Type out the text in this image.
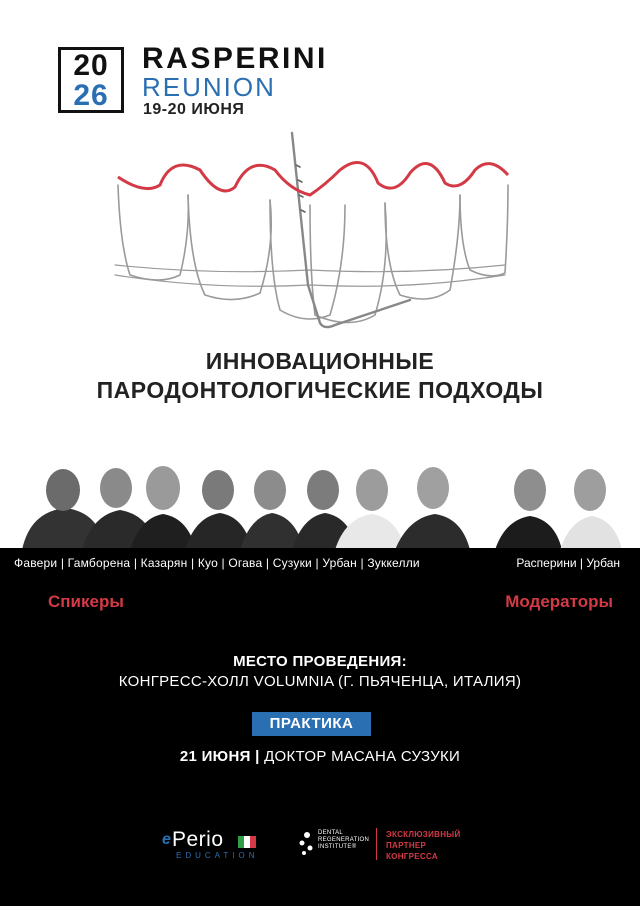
20
26
RASPERINI
REUNION
19-20 ИЮНЯ
ИННОВАЦИОННЫЕ
ПАРОДОНТОЛОГИЧЕСКИЕ ПОДХОДЫ
Фавери | Гамборена | Казарян | Куо | Огава | Сузуки | Урбан | Зуккелли	Расперини | Урбан
Спикеры	Модераторы
МЕСТО ПРОВЕДЕНИЯ:
КОНГРЕСС-ХОЛЛ VOLUMNIA (Г. ПЬЯЧЕНЦА, ИТАЛИЯ)
ПРАКТИКА
21 ИЮНЯ | ДОКТОР МАСАНА СУЗУКИ
e Perio
EDUCATION
DENTAL
REGENERATION
INSTITUTE®
ЭКСКЛЮЗИВНЫЙ
ПАРТНЕР
КОНГРЕССА
